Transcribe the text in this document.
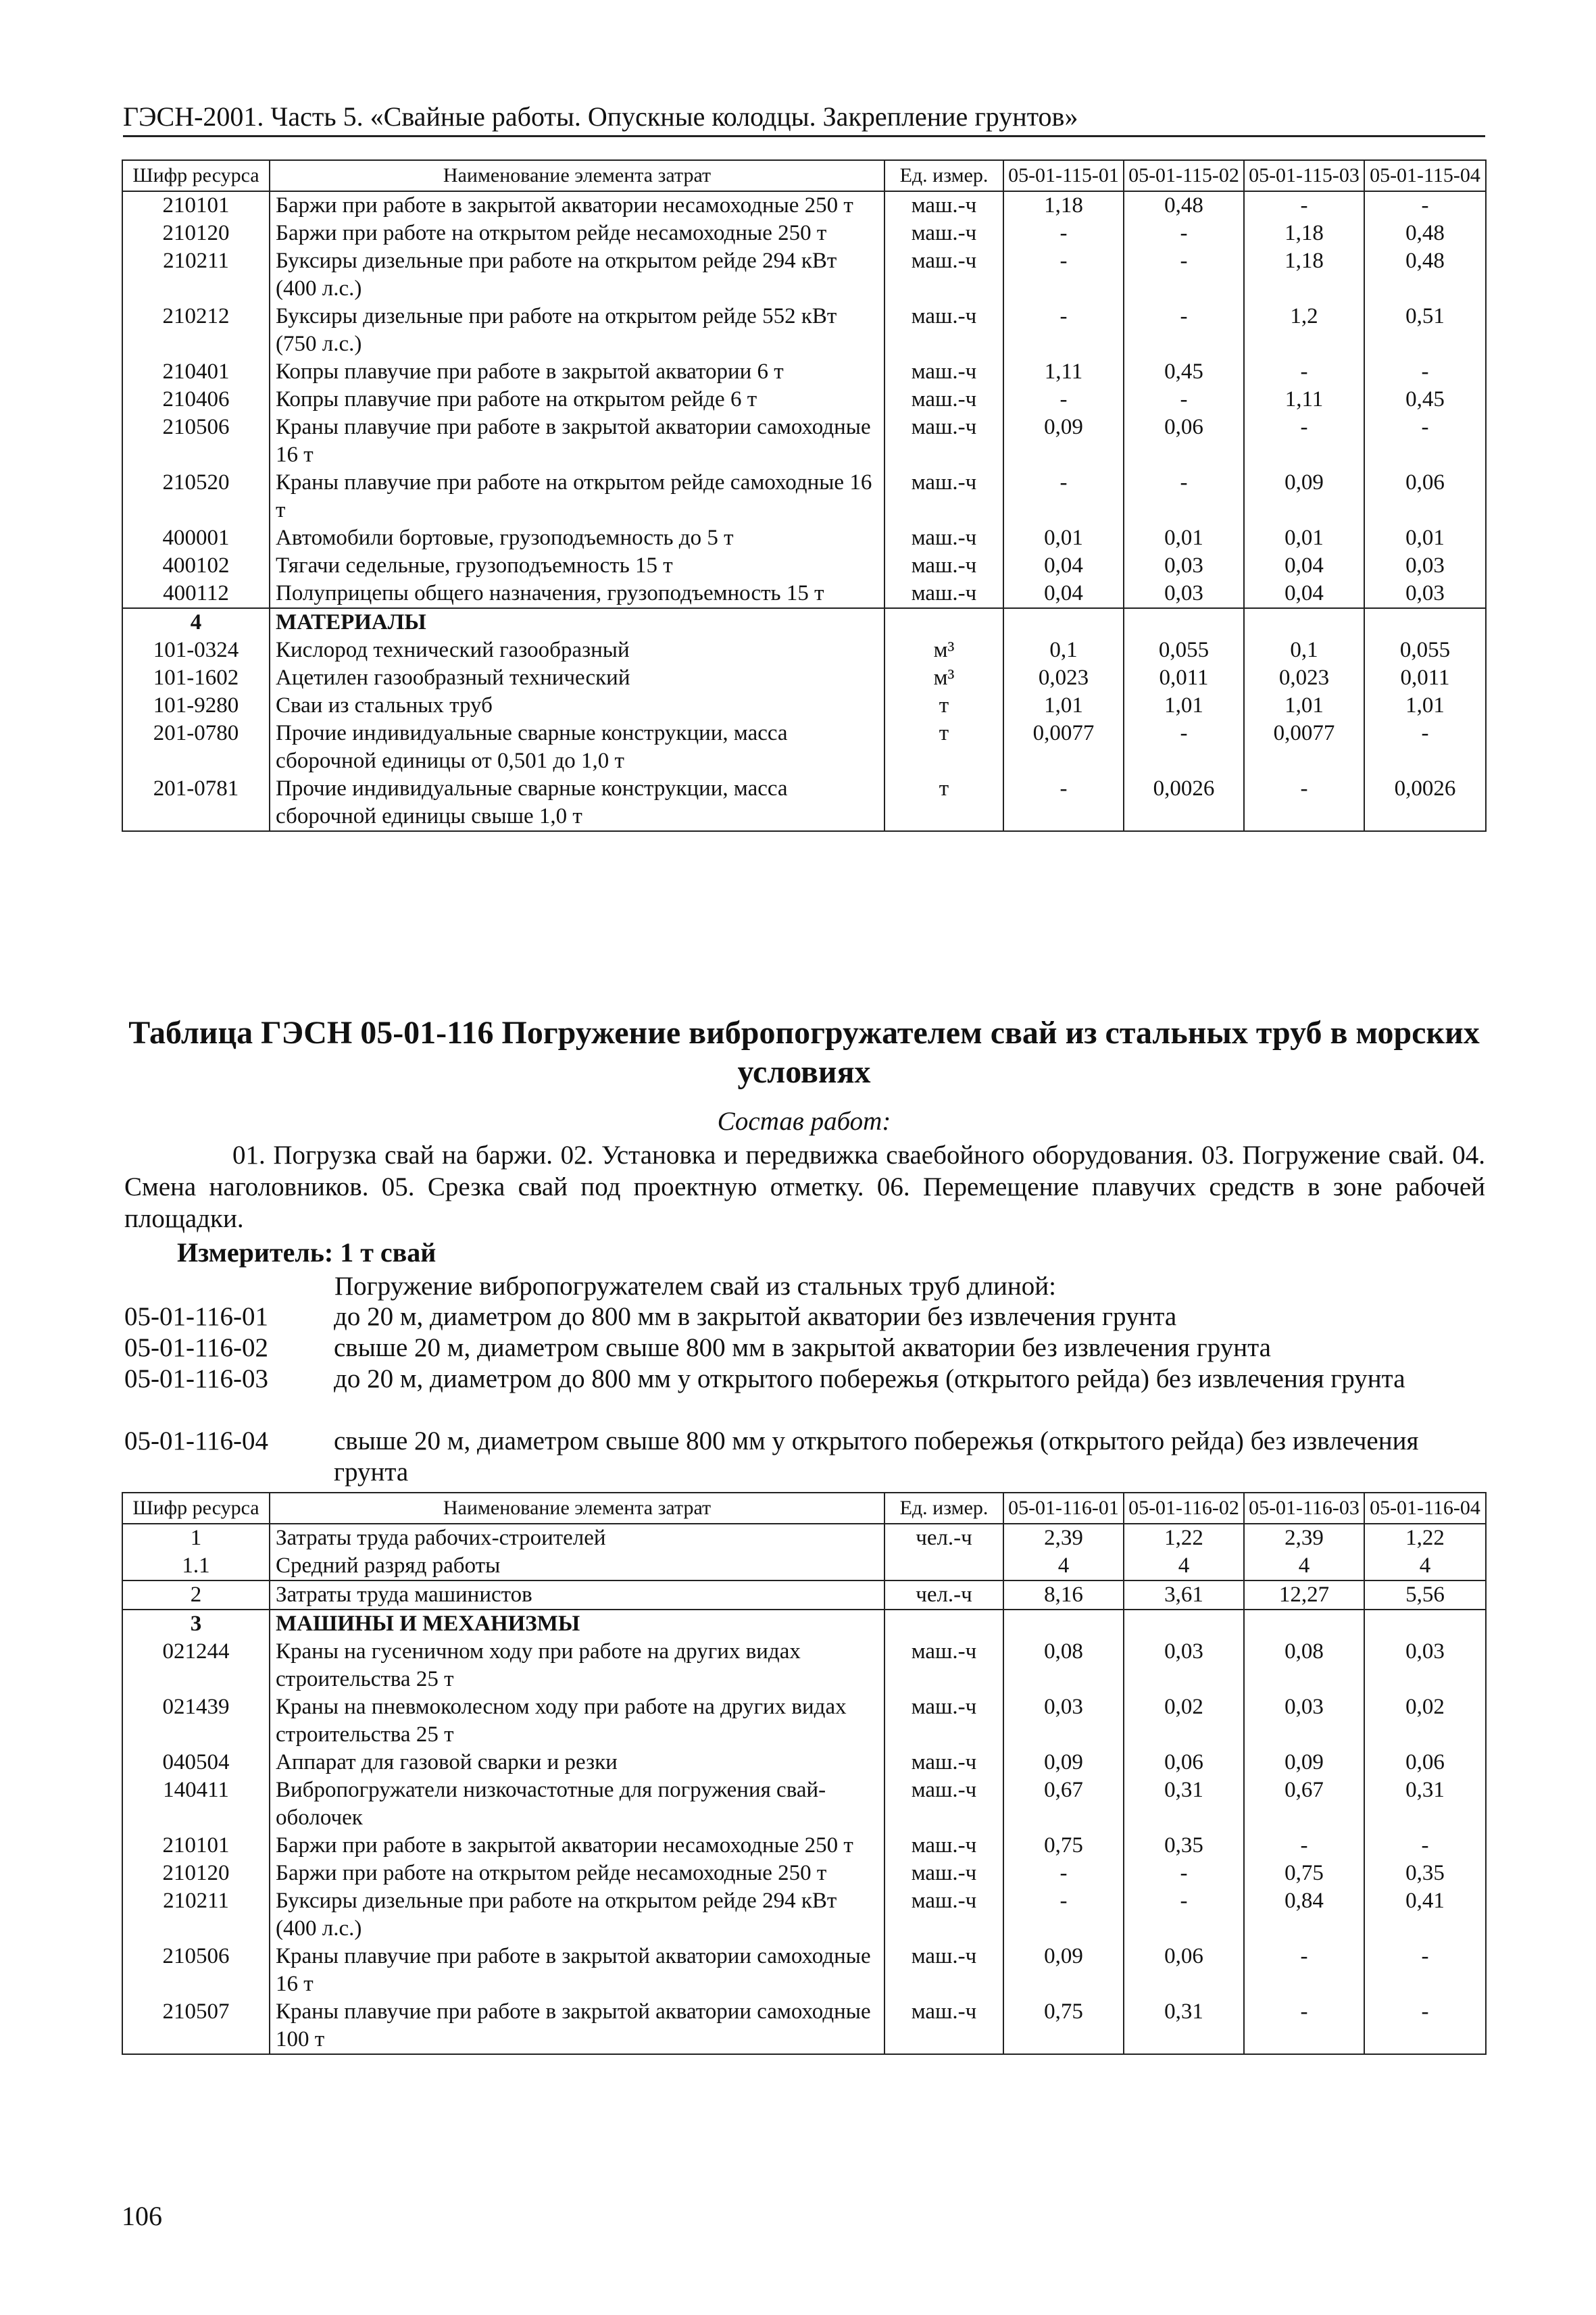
ГЭСН-2001. Часть 5. «Свайные работы. Опускные колодцы. Закрепление грунтов»
Шифр ресурса	Наименование элемента затрат	Ед. измер.	05-01-115-01	05-01-115-02	05-01-115-03	05-01-115-04
210101	Баржи при работе в закрытой акватории несамоходные 250 т	маш.-ч	1,18	0,48	-	-
210120	Баржи при работе на открытом рейде несамоходные 250 т	маш.-ч	-	-	1,18	0,48
210211	Буксиры дизельные при работе на открытом рейде 294 кВт (400 л.с.)	маш.-ч	-	-	1,18	0,48
210212	Буксиры дизельные при работе на открытом рейде 552 кВт (750 л.с.)	маш.-ч	-	-	1,2	0,51
210401	Копры плавучие при работе в закрытой акватории 6 т	маш.-ч	1,11	0,45	-	-
210406	Копры плавучие при работе на открытом рейде 6 т	маш.-ч	-	-	1,11	0,45
210506	Краны плавучие при работе в закрытой акватории самоходные 16 т	маш.-ч	0,09	0,06	-	-
210520	Краны плавучие при работе на открытом рейде самоходные 16 т	маш.-ч	-	-	0,09	0,06
400001	Автомобили бортовые, грузоподъемность до 5 т	маш.-ч	0,01	0,01	0,01	0,01
400102	Тягачи седельные, грузоподъемность 15 т	маш.-ч	0,04	0,03	0,04	0,03
400112	Полуприцепы общего назначения, грузоподъемность 15 т	маш.-ч	0,04	0,03	0,04	0,03
4	МАТЕРИАЛЫ					
101-0324	Кислород технический газообразный	м³	0,1	0,055	0,1	0,055
101-1602	Ацетилен газообразный технический	м³	0,023	0,011	0,023	0,011
101-9280	Сваи из стальных труб	т	1,01	1,01	1,01	1,01
201-0780	Прочие индивидуальные сварные конструкции, масса сборочной единицы от 0,501 до 1,0 т	т	0,0077	-	0,0077	-
201-0781	Прочие индивидуальные сварные конструкции, масса сборочной единицы свыше 1,0 т	т	-	0,0026	-	0,0026
Таблица ГЭСН 05-01-116 Погружение вибропогружателем свай из стальных труб в морских условиях
Состав работ:
01. Погрузка свай на баржи. 02. Установка и передвижка сваебойного оборудования. 03. Погружение свай. 04. Смена наголовников. 05. Срезка свай под проектную отметку. 06. Перемещение плавучих средств в зоне рабочей площадки.
Измеритель: 1 т свай
Погружение вибропогружателем свай из стальных труб длиной:
05-01-116-01	до 20 м, диаметром до 800 мм в закрытой акватории без извлечения грунта
05-01-116-02	свыше 20 м, диаметром свыше 800 мм в закрытой акватории без извлечения грунта
05-01-116-03	до 20 м, диаметром до 800 мм у открытого побережья (открытого рейда) без извлечения грунта
05-01-116-04	свыше 20 м, диаметром свыше 800 мм у открытого побережья (открытого рейда) без извлечения грунта
Шифр ресурса	Наименование элемента затрат	Ед. измер.	05-01-116-01	05-01-116-02	05-01-116-03	05-01-116-04
1	Затраты труда рабочих-строителей	чел.-ч	2,39	1,22	2,39	1,22
1.1	Средний разряд работы		4	4	4	4
2	Затраты труда машинистов	чел.-ч	8,16	3,61	12,27	5,56
3	МАШИНЫ И МЕХАНИЗМЫ					
021244	Краны на гусеничном ходу при работе на других видах строительства 25 т	маш.-ч	0,08	0,03	0,08	0,03
021439	Краны на пневмоколесном ходу при работе на других видах строительства 25 т	маш.-ч	0,03	0,02	0,03	0,02
040504	Аппарат для газовой сварки и резки	маш.-ч	0,09	0,06	0,09	0,06
140411	Вибропогружатели низкочастотные для погружения свай-оболочек	маш.-ч	0,67	0,31	0,67	0,31
210101	Баржи при работе в закрытой акватории несамоходные 250 т	маш.-ч	0,75	0,35	-	-
210120	Баржи при работе на открытом рейде несамоходные 250 т	маш.-ч	-	-	0,75	0,35
210211	Буксиры дизельные при работе на открытом рейде 294 кВт (400 л.с.)	маш.-ч	-	-	0,84	0,41
210506	Краны плавучие при работе в закрытой акватории самоходные 16 т	маш.-ч	0,09	0,06	-	-
210507	Краны плавучие при работе в закрытой акватории самоходные 100 т	маш.-ч	0,75	0,31	-	-
106
